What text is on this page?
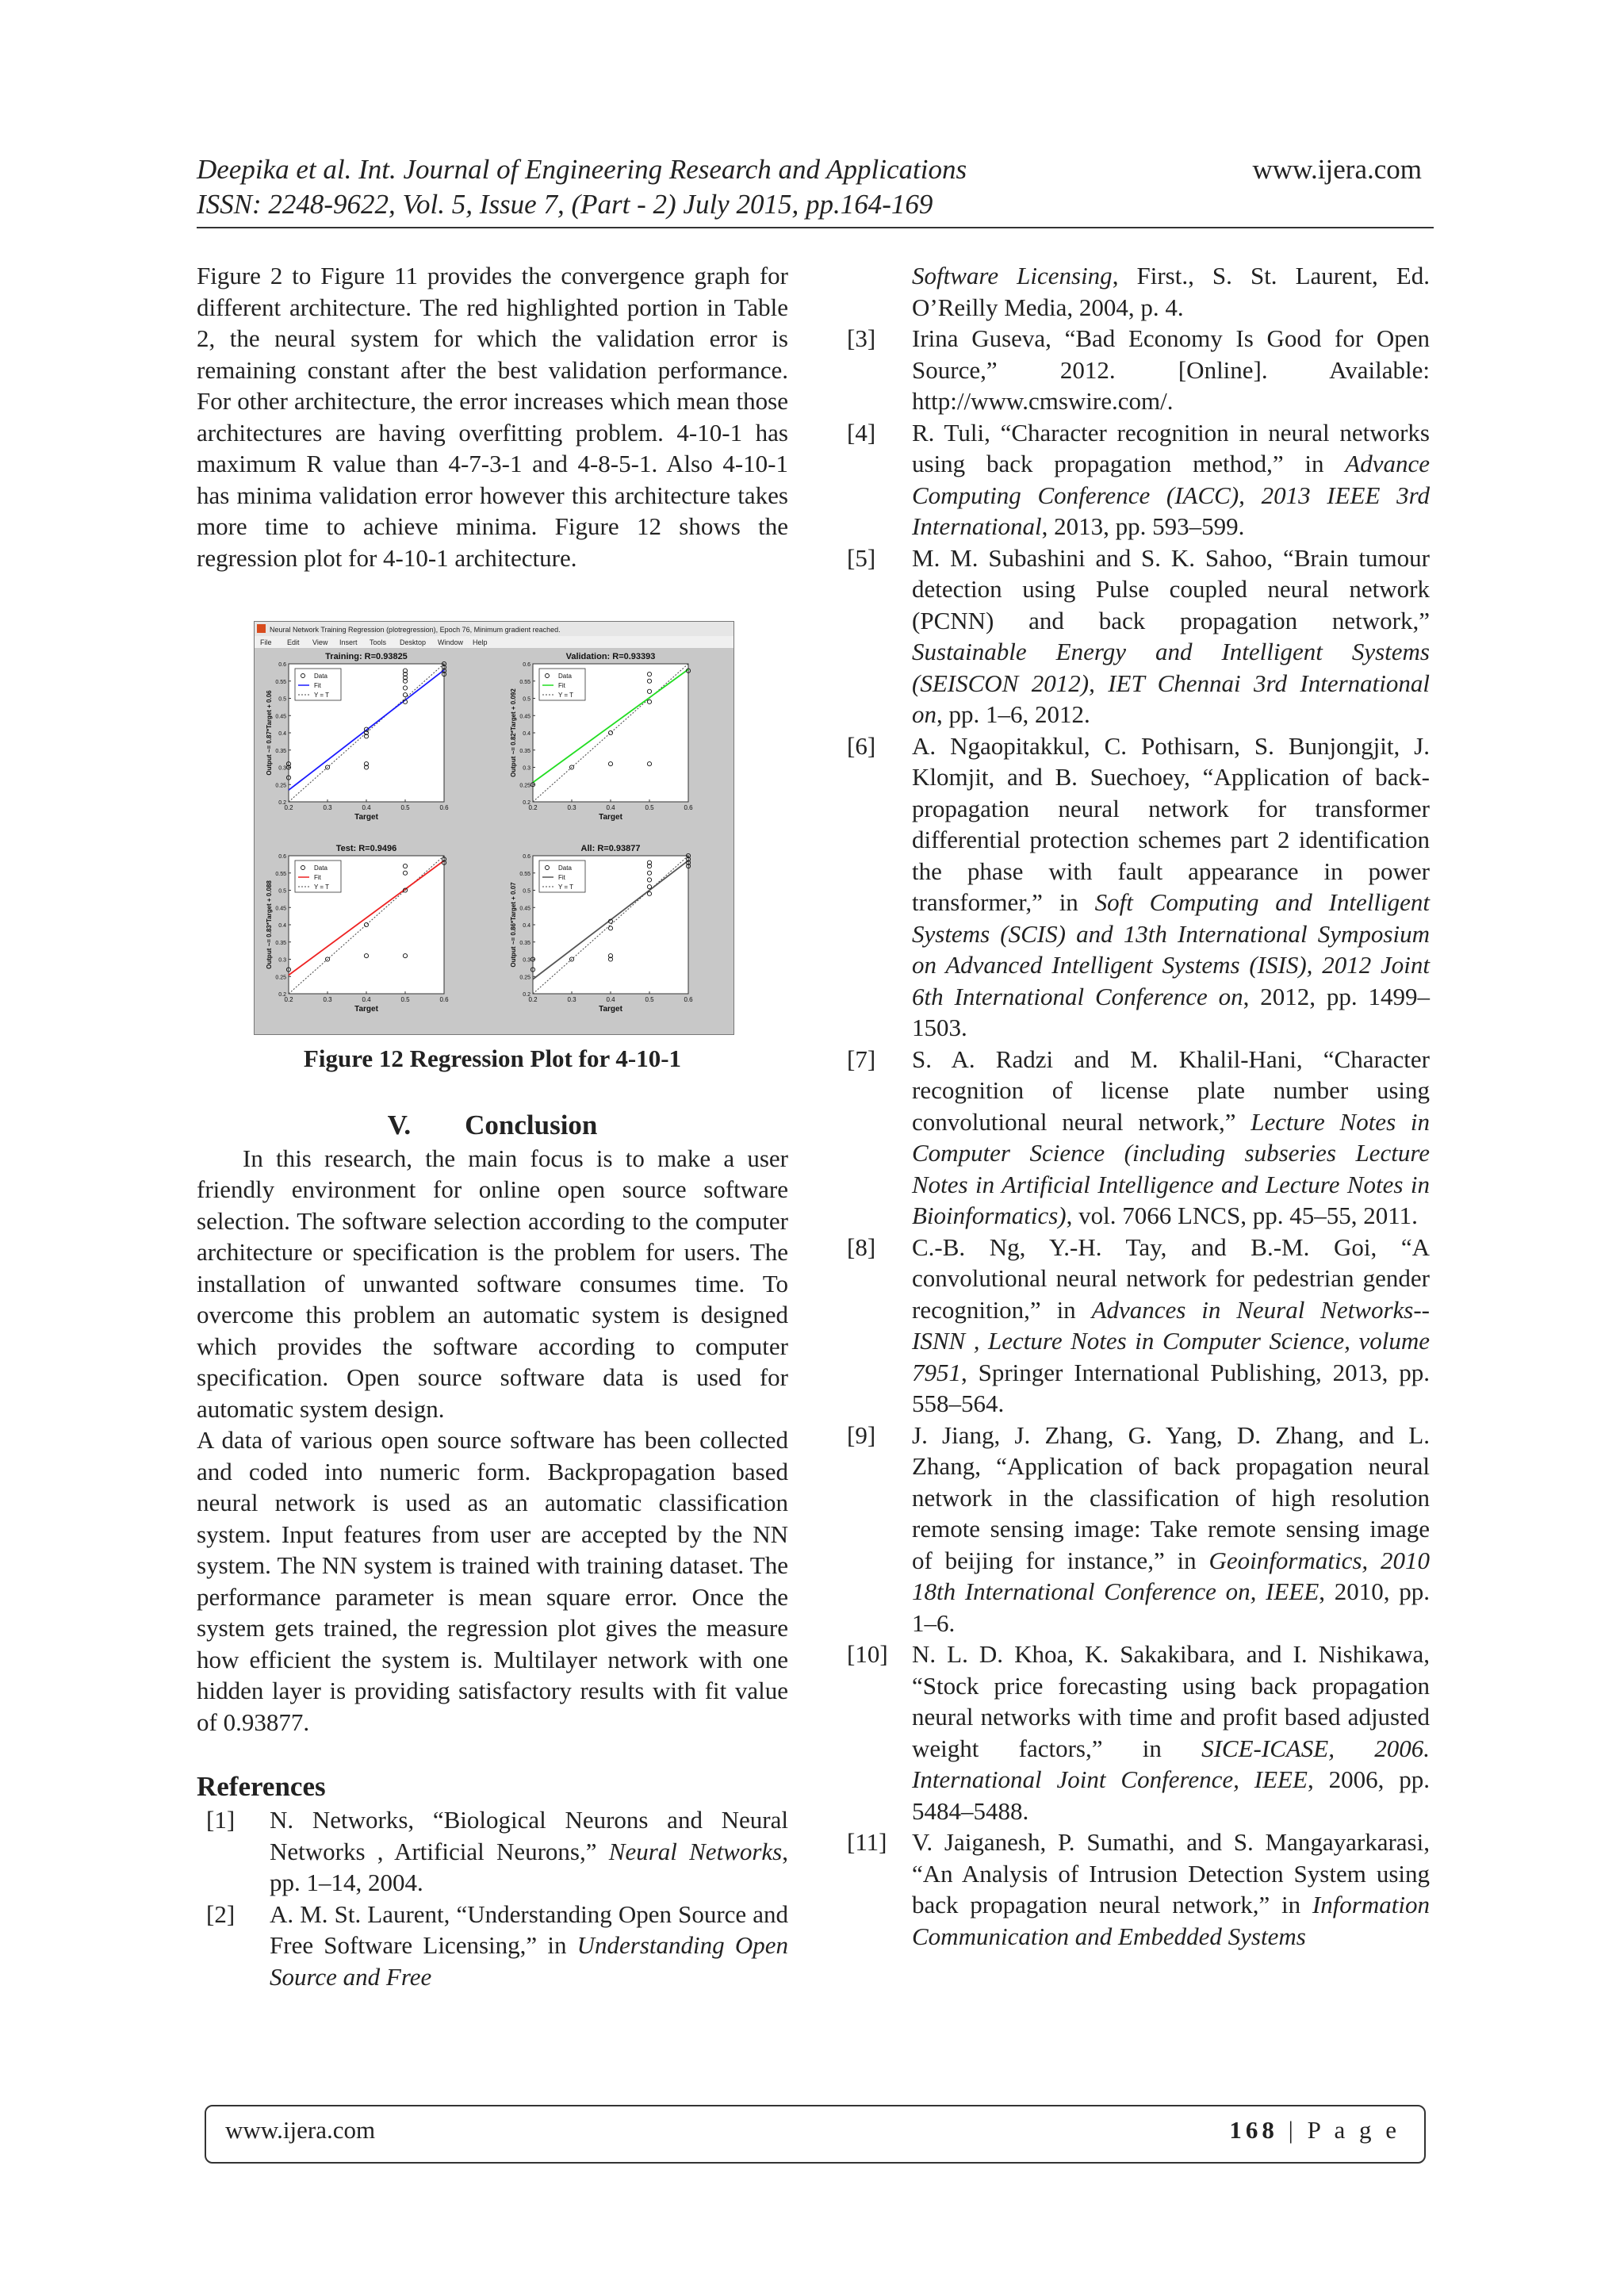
Deepika et al. Int. Journal of Engineering Research and Applications	www.ijera.com
ISSN: 2248-9622, Vol. 5, Issue 7, (Part - 2) July 2015, pp.164-169

Figure 2 to Figure 11 provides the convergence graph for different architecture. The red highlighted portion in Table 2, the neural system for which the validation error is remaining constant after the best validation performance. For other architecture, the error increases which mean those architectures are having overfitting problem. 4-10-1 has maximum R value than 4-7-3-1 and 4-8-5-1. Also 4-10-1 has minima validation error however this architecture takes more time to achieve minima. Figure 12 shows the regression plot for 4-10-1 architecture.

Neural Network Training Regression (plotregression), Epoch 76, Minimum gradient reached.
File Edit View Insert Tools Desktop Window Help
Training: R=0.93825
0.2	0.3	0.4	0.5	0.6
0.6
0.55
0.5
0.45
0.4
0.35
0.3
0.25
0.2
Target
Output ~= 0.87*Target + 0.06
Data
Fit
Y = T
Validation: R=0.93393
0.2	0.3	0.4	0.5	0.6
0.6
0.55
0.5
0.45
0.4
0.35
0.3
0.25
0.2
Target
Output ~= 0.82*Target + 0.092
Data
Fit
Y = T
Test: R=0.9496
0.2	0.3	0.4	0.5	0.6
0.6
0.55
0.5
0.45
0.4
0.35
0.3
0.25
0.2
Target
Output ~= 0.83*Target + 0.088
Data
Fit
Y = T
All: R=0.93877
0.2	0.3	0.4	0.5	0.6
0.6
0.55
0.5
0.45
0.4
0.35
0.3
0.25
0.2
Target
Output ~= 0.86*Target + 0.07
Data
Fit
Y = T
Figure 12 Regression Plot for 4-10-1
V. Conclusion

In this research, the main focus is to make a user friendly environment for online open source software selection. The software selection according to the computer architecture or specification is the problem for users. The installation of unwanted software consumes time. To overcome this problem an automatic system is designed which provides the software according to computer specification. Open source software data is used for automatic system design.

A data of various open source software has been collected and coded into numeric form. Backpropagation based neural network is used as an automatic classification system. Input features from user are accepted by the NN system. The NN system is trained with training dataset. The performance parameter is mean square error. Once the system gets trained, the regression plot gives the measure how efficient the system is. Multilayer network with one hidden layer is providing satisfactory results with fit value of 0.93877.

References
[1] N. Networks, “Biological Neurons and Neural Networks , Artificial Neurons,” Neural Networks, pp. 1–14, 2004.
[2] A. M. St. Laurent, “Understanding Open Source and Free Software Licensing,” in Understanding Open Source and Free
Software Licensing, First., S. St. Laurent, Ed. O’Reilly Media, 2004, p. 4.
[3] Irina Guseva, “Bad Economy Is Good for Open Source,” 2012. [Online]. Available: http://www.cmswire.com/.
[4] R. Tuli, “Character recognition in neural networks using back propagation method,” in Advance Computing Conference (IACC), 2013 IEEE 3rd International, 2013, pp. 593–599.
[5] M. M. Subashini and S. K. Sahoo, “Brain tumour detection using Pulse coupled neural network (PCNN) and back propagation network,” Sustainable Energy and Intelligent Systems (SEISCON 2012), IET Chennai 3rd International on, pp. 1–6, 2012.
[6] A. Ngaopitakkul, C. Pothisarn, S. Bunjongjit, J. Klomjit, and B. Suechoey, “Application of back-propagation neural network for transformer differential protection schemes part 2 identification the phase with fault appearance in power transformer,” in Soft Computing and Intelligent Systems (SCIS) and 13th International Symposium on Advanced Intelligent Systems (ISIS), 2012 Joint 6th International Conference on, 2012, pp. 1499–1503.
[7] S. A. Radzi and M. Khalil-Hani, “Character recognition of license plate number using convolutional neural network,” Lecture Notes in Computer Science (including subseries Lecture Notes in Artificial Intelligence and Lecture Notes in Bioinformatics), vol. 7066 LNCS, pp. 45–55, 2011.
[8] C.-B. Ng, Y.-H. Tay, and B.-M. Goi, “A convolutional neural network for pedestrian gender recognition,” in Advances in Neural Networks--ISNN , Lecture Notes in Computer Science, volume 7951, Springer International Publishing, 2013, pp. 558–564.
[9] J. Jiang, J. Zhang, G. Yang, D. Zhang, and L. Zhang, “Application of back propagation neural network in the classification of high resolution remote sensing image: Take remote sensing image of beijing for instance,” in Geoinformatics, 2010 18th International Conference on, IEEE, 2010, pp. 1–6.
[10] N. L. D. Khoa, K. Sakakibara, and I. Nishikawa, “Stock price forecasting using back propagation neural networks with time and profit based adjusted weight factors,” in SICE-ICASE, 2006. International Joint Conference, IEEE, 2006, pp. 5484–5488.
[11] V. Jaiganesh, P. Sumathi, and S. Mangayarkarasi, “An Analysis of Intrusion Detection System using back propagation neural network,” in Information Communication and Embedded Systems
www.ijera.com	168 | P a g e
